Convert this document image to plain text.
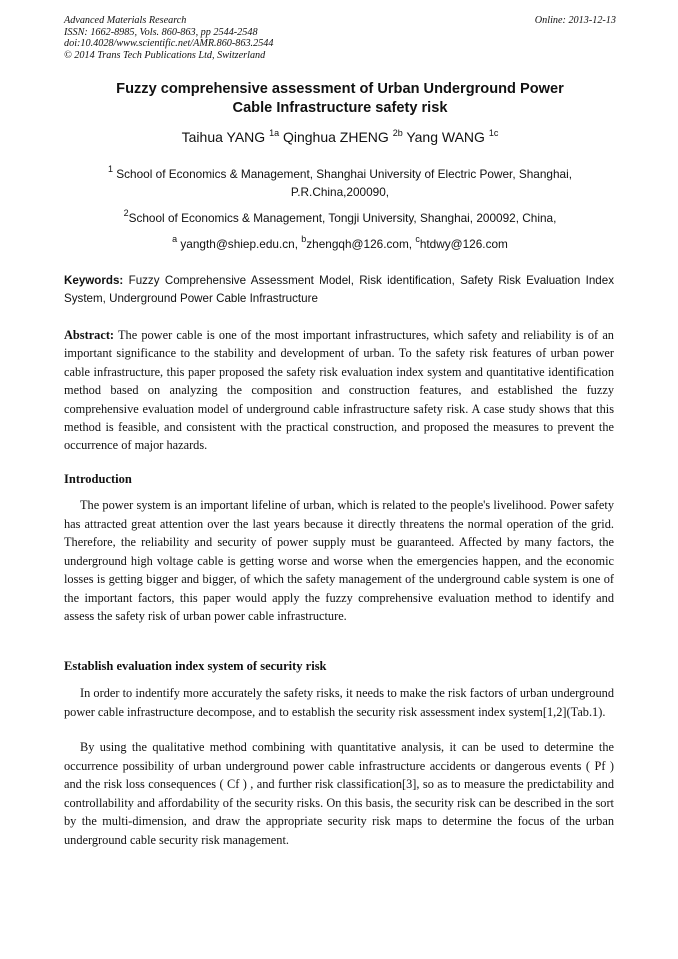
Advanced Materials Research
ISSN: 1662-8985, Vols. 860-863, pp 2544-2548
doi:10.4028/www.scientific.net/AMR.860-863.2544
© 2014 Trans Tech Publications Ltd, Switzerland
Online: 2013-12-13
Fuzzy comprehensive assessment of Urban Underground Power
Cable Infrastructure safety risk
Taihua YANG $^{1a}$ Qinghua ZHENG $^{2b}$ Yang WANG $^{1c}$
$^1$ School of Economics & Management, Shanghai University of Electric Power, Shanghai,
P.R.China,200090,
$^2$School of Economics & Management, Tongji University, Shanghai, 200092, China,
$^a$ yangth@shiep.edu.cn, $^b$zhengqh@126.com, $^c$htdwy@126.com
Keywords: Fuzzy Comprehensive Assessment Model, Risk identification, Safety Risk Evaluation Index System, Underground Power Cable Infrastructure
Abstract: The power cable is one of the most important infrastructures, which safety and reliability is of an important significance to the stability and development of urban. To the safety risk features of urban power cable infrastructure, this paper proposed the safety risk evaluation index system and quantitative identification method based on analyzing the composition and construction features, and established the fuzzy comprehensive evaluation model of underground cable infrastructure safety risk. A case study shows that this method is feasible, and consistent with the practical construction, and proposed the measures to prevent the occurrence of major hazards.
Introduction
The power system is an important lifeline of urban, which is related to the people's livelihood. Power safety has attracted great attention over the last years because it directly threatens the normal operation of the grid. Therefore, the reliability and security of power supply must be guaranteed. Affected by many factors, the underground high voltage cable is getting worse and worse when the emergencies happen, and the economic losses is getting bigger and bigger, of which the safety management of the underground cable system is one of the important factors, this paper would apply the fuzzy comprehensive evaluation method to identify and assess the safety risk of urban power cable infrastructure.
Establish evaluation index system of security risk
In order to indentify more accurately the safety risks, it needs to make the risk factors of urban underground power cable infrastructure decompose, and to establish the security risk assessment index system[1,2](Tab.1).
By using the qualitative method combining with quantitative analysis, it can be used to determine the occurrence possibility of urban underground power cable infrastructure accidents or dangerous events ( Pf ) and the risk loss consequences ( Cf ) , and further risk classification[3], so as to measure the predictability and controllability and affordability of the security risks. On this basis, the security risk can be described in the sort by the multi-dimension, and draw the appropriate security risk maps to determine the focus of the urban underground cable security risk management.
